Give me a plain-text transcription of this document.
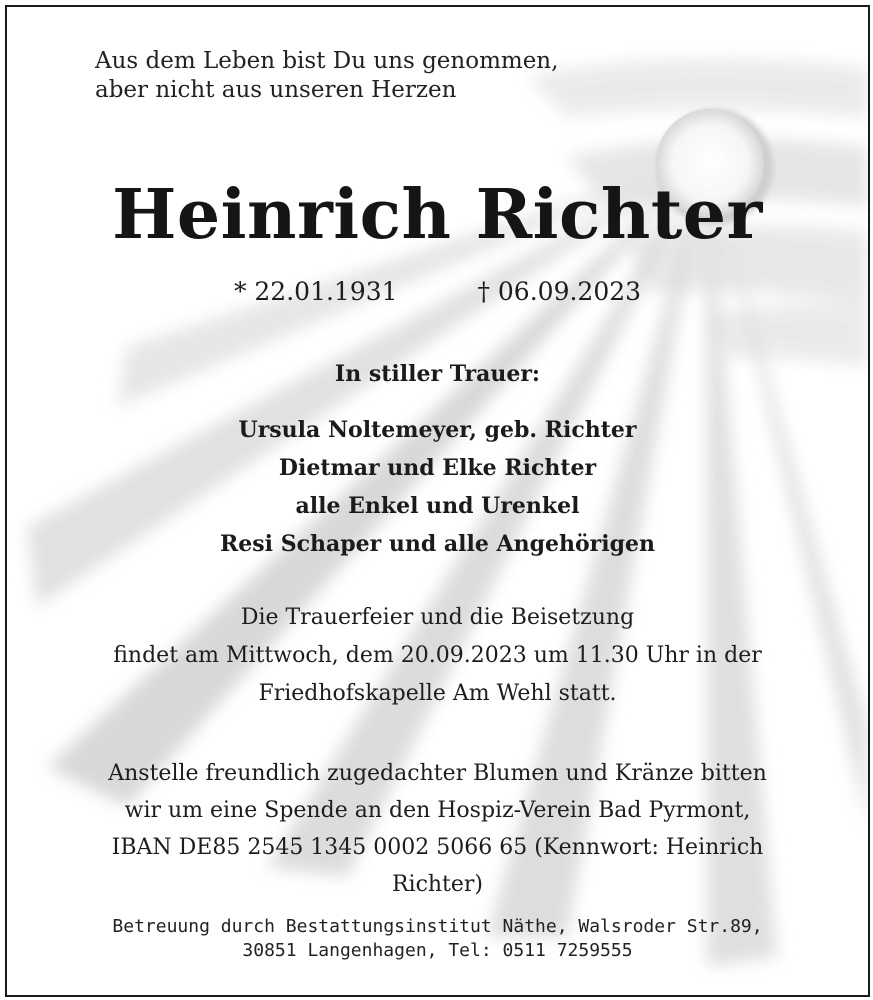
Aus dem Leben bist Du uns genommen,
aber nicht aus unseren Herzen
Heinrich Richter
* 22.01.1931	† 06.09.2023
In stiller Trauer:
Ursula Noltemeyer, geb. Richter
Dietmar und Elke Richter
alle Enkel und Urenkel
Resi Schaper und alle Angehörigen
Die Trauerfeier und die Beisetzung
findet am Mittwoch, dem 20.09.2023 um 11.30 Uhr in der
Friedhofskapelle Am Wehl statt.
Anstelle freundlich zugedachter Blumen und Kränze bitten
wir um eine Spende an den Hospiz-Verein Bad Pyrmont,
IBAN DE85 2545 1345 0002 5066 65 (Kennwort: Heinrich
Richter)
Betreuung durch Bestattungsinstitut Näthe, Walsroder Str.89,
30851 Langenhagen, Tel: 0511 7259555
